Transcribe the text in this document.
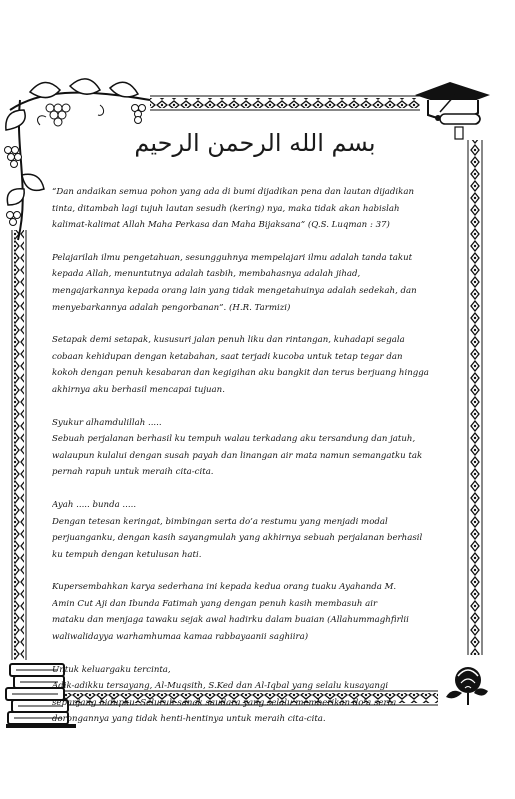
بسم الله الرحمن الرحيم
“Dan andaikan semua pohon yang ada di bumi dijadikan pena dan lautan dijadikan
tinta, ditambah lagi tujuh lautan sesudh (kering) nya, maka tidak akan habislah
kalimat-kalimat Allah Maha Perkasa dan Maha Bijaksana” (Q.S. Luqman : 37)
Pelajarilah ilmu pengetahuan, sesungguhnya mempelajari ilmu adalah tanda takut
kepada Allah, menuntutnya adalah tasbih, membahasnya adalah jihad,
mengajarkannya kepada orang lain yang tidak mengetahuinya adalah sedekah, dan
menyebarkannya adalah pengorbanan”. (H.R. Tarmizi)
Setapak demi setapak, kususuri jalan penuh liku dan rintangan, kuhadapi segala
cobaan kehidupan dengan ketabahan, saat terjadi kucoba untuk tetap tegar dan
kokoh dengan penuh kesabaran dan kegigihan aku bangkit dan terus berjuang hingga
akhirnya aku berhasil mencapai tujuan.
Syukur alhamdulillah .....
Sebuah perjalanan berhasil ku tempuh walau terkadang aku tersandung dan jatuh,
walaupun kulalui dengan susah payah dan linangan air mata namun semangatku tak
pernah rapuh untuk meraih cita-cita.
Ayah ..... bunda .....
Dengan tetesan keringat, bimbingan serta do’a restumu yang menjadi modal
perjuanganku, dengan kasih sayangmulah yang akhirnya sebuah perjalanan berhasil
ku tempuh dengan ketulusan hati.
Kupersembahkan karya sederhana ini kepada kedua orang tuaku Ayahanda M.
Amin Cut Aji dan Ibunda Fatimah yang dengan penuh kasih membasuh air
mataku dan menjaga tawaku sejak awal hadirku dalam buaian (Allahummaghfirlii
waliwalidayya warhamhumaa kamaa rabbayaanii saghiira)
Untuk keluargaku tercinta,
Adik-adikku tersayang, Al-Muqsith, S.Ked dan Al-Iqbal yang selalu kusayangi
sepanjang hidupku. Seluruh sanak saudara yang selalu memberikan do’a serta
dorongannya yang tidak henti-hentinya untuk meraih cita-cita.
